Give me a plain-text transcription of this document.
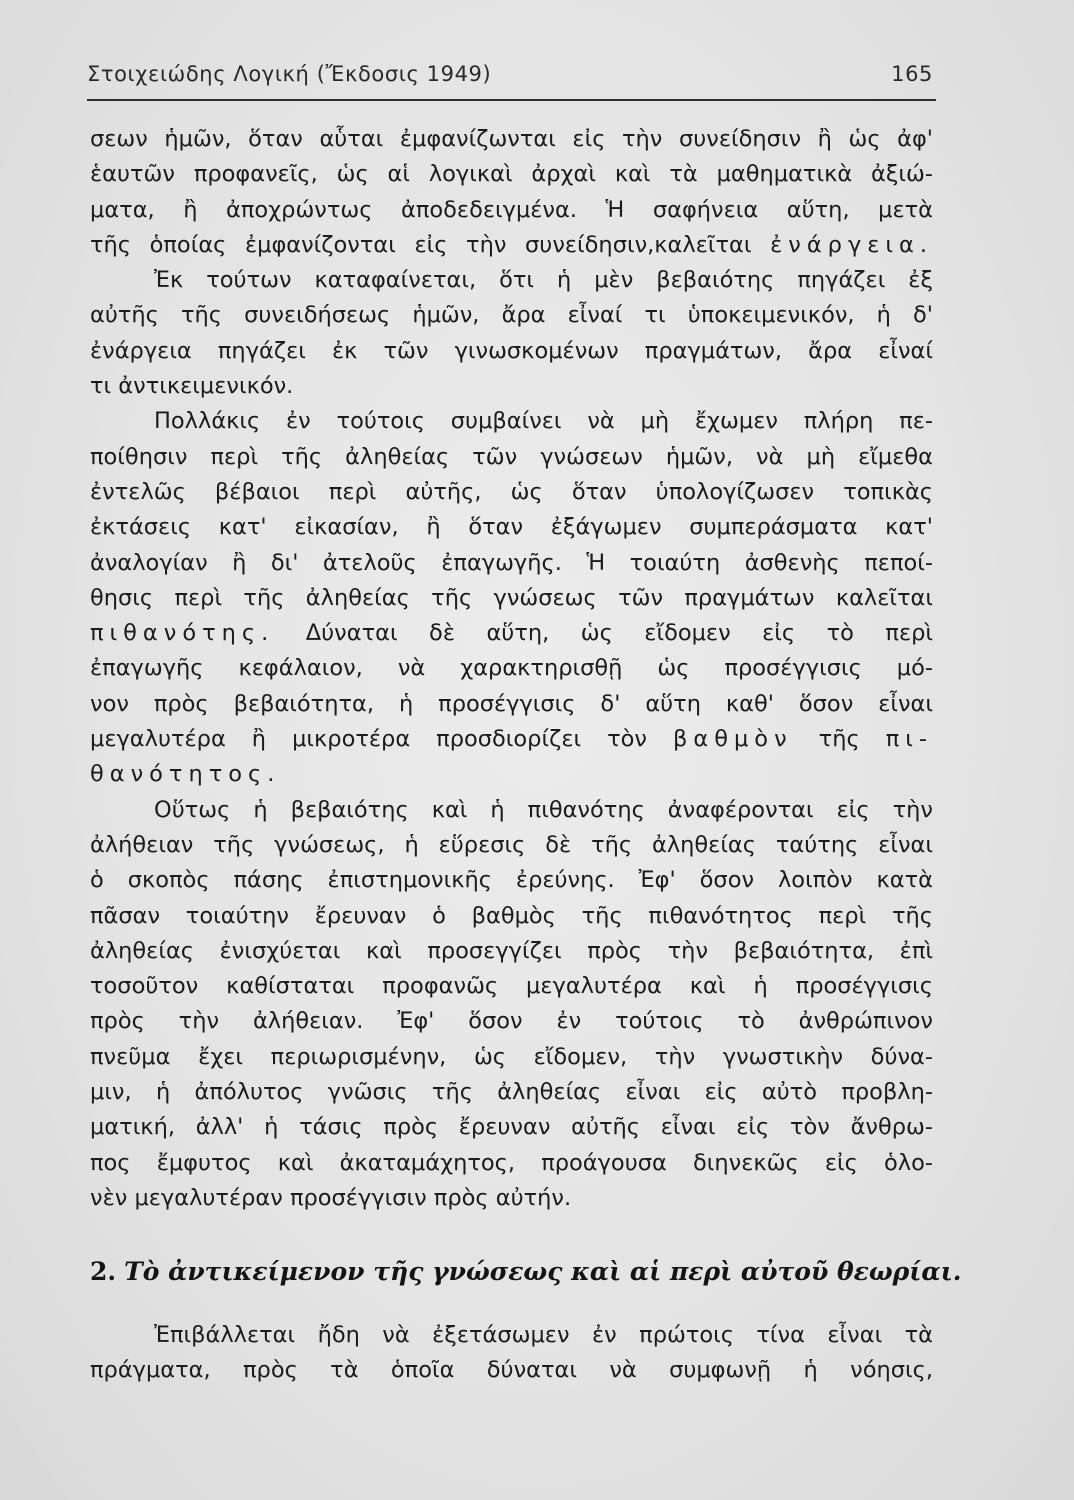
Στοιχειώδης Λογική (Ἔκδοσις 1949)	165
σεων ἡμῶν, ὅταν αὗται ἐμφανίζωνται εἰς τὴν συνείδησιν ἢ ὡς ἀφ'
ἑαυτῶν προφανεῖς, ὡς αἱ λογικαὶ ἀρχαὶ καὶ τὰ μαθηματικὰ ἀξιώ-
ματα, ἢ ἀποχρώντως ἀποδεδειγμένα. Ἡ σαφήνεια αὕτη, μετὰ
τῆς ὁποίας ἐμφανίζονται εἰς τὴν συνείδησιν,καλεῖται ἐνάργεια.
Ἐκ τούτων καταφαίνεται, ὅτι ἡ μὲν βεβαιότης πηγάζει ἐξ
αὐτῆς τῆς συνειδήσεως ἡμῶν, ἄρα εἶναί τι ὑποκειμενικόν, ἡ δ'
ἐνάργεια πηγάζει ἐκ τῶν γινωσκομένων πραγμάτων, ἄρα εἶναί
τι ἀντικειμενικόν.
Πολλάκις ἐν τούτοις συμβαίνει νὰ μὴ ἔχωμεν πλήρη πε-
ποίθησιν περὶ τῆς ἀληθείας τῶν γνώσεων ἡμῶν, νὰ μὴ εἴμεθα
ἐντελῶς βέβαιοι περὶ αὐτῆς, ὡς ὅταν ὑπολογίζωσεν τοπικὰς
ἐκτάσεις κατ' εἰκασίαν, ἢ ὅταν ἐξάγωμεν συμπεράσματα κατ'
ἀναλογίαν ἢ δι' ἀτελοῦς ἐπαγωγῆς. Ἡ τοιαύτη ἀσθενὴς πεποί-
θησις περὶ τῆς ἀληθείας τῆς γνώσεως τῶν πραγμάτων καλεῖται
πιθανότης. Δύναται δὲ αὕτη, ὡς εἴδομεν εἰς τὸ περὶ
ἐπαγωγῆς κεφάλαιον, νὰ χαρακτηρισθῇ ὡς προσέγγισις μό-
νον πρὸς βεβαιότητα, ἡ προσέγγισις δ' αὕτη καθ' ὅσον εἶναι
μεγαλυτέρα ἢ μικροτέρα προσδιορίζει τὸν βαθμὸν τῆς πι-
θανότητος.
Οὕτως ἡ βεβαιότης καὶ ἡ πιθανότης ἀναφέρονται εἰς τὴν
ἀλήθειαν τῆς γνώσεως, ἡ εὕρεσις δὲ τῆς ἀληθείας ταύτης εἶναι
ὁ σκοπὸς πάσης ἐπιστημονικῆς ἐρεύνης. Ἐφ' ὅσον λοιπὸν κατὰ
πᾶσαν τοιαύτην ἔρευναν ὁ βαθμὸς τῆς πιθανότητος περὶ τῆς
ἀληθείας ἐνισχύεται καὶ προσεγγίζει πρὸς τὴν βεβαιότητα, ἐπὶ
τοσοῦτον καθίσταται προφανῶς μεγαλυτέρα καὶ ἡ προσέγγισις
πρὸς τὴν ἀλήθειαν. Ἐφ' ὅσον ἐν τούτοις τὸ ἀνθρώπινον
πνεῦμα ἔχει περιωρισμένην, ὡς εἴδομεν, τὴν γνωστικὴν δύνα-
μιν, ἡ ἀπόλυτος γνῶσις τῆς ἀληθείας εἶναι εἰς αὐτὸ προβλη-
ματική, ἀλλ' ἡ τάσις πρὸς ἔρευναν αὐτῆς εἶναι εἰς τὸν ἄνθρω-
πος ἔμφυτος καὶ ἀκαταμάχητος, προάγουσα διηνεκῶς εἰς ὁλο-
νὲν μεγαλυτέραν προσέγγισιν πρὸς αὐτήν.
2. Τὸ ἀντικείμενον τῆς γνώσεως καὶ αἱ περὶ αὐτοῦ θεωρίαι.
Ἐπιβάλλεται ἤδη νὰ ἐξετάσωμεν ἐν πρώτοις τίνα εἶναι τὰ
πράγματα, πρὸς τὰ ὁποῖα δύναται νὰ συμφωνῇ ἡ νόησις,
